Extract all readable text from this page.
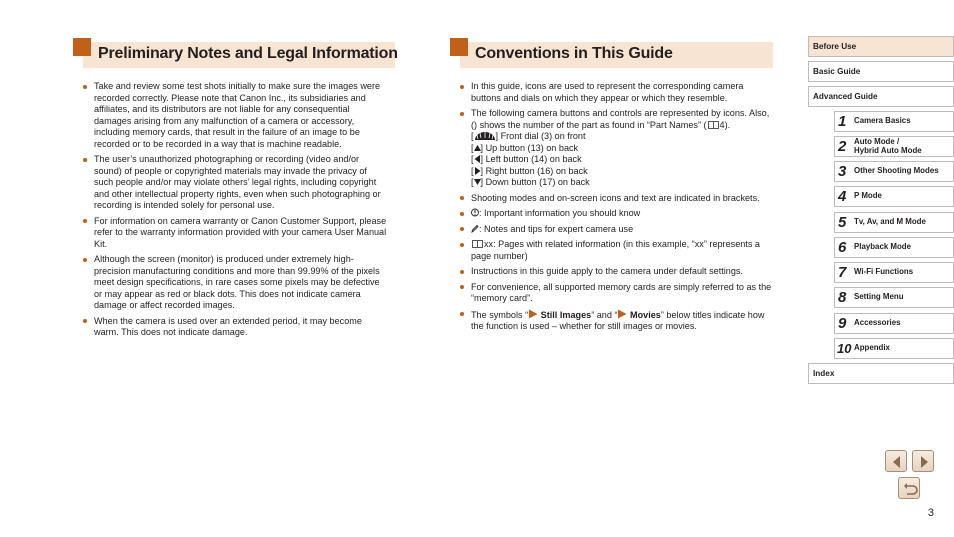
Preliminary Notes and Legal Information
Take and review some test shots initially to make sure the images were recorded correctly. Please note that Canon Inc., its subsidiaries and affiliates, and its distributors are not liable for any consequential damages arising from any malfunction of a camera or accessory, including memory cards, that result in the failure of an image to be recorded or to be recorded in a way that is machine readable.
The user’s unauthorized photographing or recording (video and/or sound) of people or copyrighted materials may invade the privacy of such people and/or may violate others’ legal rights, including copyright and other intellectual property rights, even when such photographing or recording is intended solely for personal use.
For information on camera warranty or Canon Customer Support, please refer to the warranty information provided with your camera User Manual Kit.
Although the screen (monitor) is produced under extremely high-precision manufacturing conditions and more than 99.99% of the pixels meet design specifications, in rare cases some pixels may be defective or may appear as red or black dots. This does not indicate camera damage or affect recorded images.
When the camera is used over an extended period, it may become warm. This does not indicate damage.
Conventions in This Guide
In this guide, icons are used to represent the corresponding camera buttons and dials on which they appear or which they resemble.
The following camera buttons and controls are represented by icons. Also, () shows the number of the part as found in “Part Names” ( 4).
[ ] Front dial (3) on front
[ ] Up button (13) on back
[ ] Left button (14) on back
[ ] Right button (16) on back
[ ] Down button (17) on back
Shooting modes and on-screen icons and text are indicated in brackets.
: Important information you should know
: Notes and tips for expert camera use
xx: Pages with related information (in this example, “xx” represents a page number)
Instructions in this guide apply to the camera under default settings.
For convenience, all supported memory cards are simply referred to as the “memory card”.
The symbols “ Still Images” and “ Movies” below titles indicate how the function is used – whether for still images or movies.
Before Use
Basic Guide
Advanced Guide
1 Camera Basics
2 Auto Mode /
Hybrid Auto Mode
3 Other Shooting Modes
4 P Mode
5 Tv, Av, and M Mode
6 Playback Mode
7 Wi-Fi Functions
8 Setting Menu
9 Accessories
10 Appendix
Index
3
